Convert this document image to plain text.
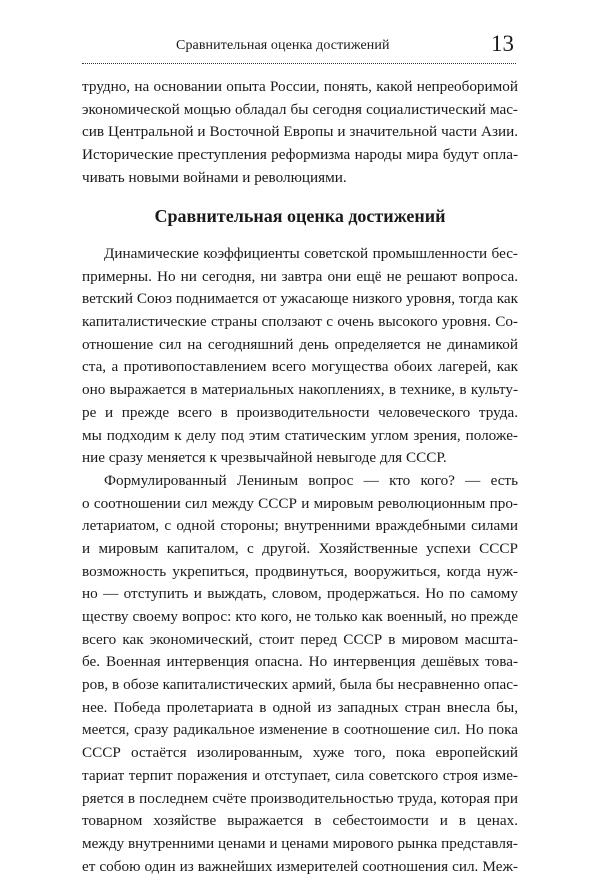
Сравнительная оценка достижений	13
трудно, на основании опыта России, понять, какой непреоборимой
экономической мощью обладал бы сегодня социалистический мас-
сив Центральной и Восточной Европы и значительной части Азии.
Исторические преступления реформизма народы мира будут опла-
чивать новыми войнами и революциями.
Сравнительная оценка достижений
Динамические коэффициенты советской промышленности бес-
примерны. Но ни сегодня, ни завтра они ещё не решают вопроса.
ветский Союз поднимается от ужасающе низкого уровня, тогда как
капиталистические страны сползают с очень высокого уровня. Со-
отношение сил на сегодняшний день определяется не динамикой
ста, а противопоставлением всего могущества обоих лагерей, как
оно выражается в материальных накоплениях, в технике, в культу-
ре и прежде всего в производительности человеческого труда.
мы подходим к делу под этим статическим углом зрения, положе-
ние сразу меняется к чрезвычайной невыгоде для СССР.
Формулированный Лениным вопрос — кто кого? — есть
о соотношении сил между СССР и мировым революционным про-
летариатом, с одной стороны; внутренними враждебными силами
и мировым капиталом, с другой. Хозяйственные успехи СССР
возможность укрепиться, продвинуться, вооружиться, когда нуж-
но — отступить и выждать, словом, продержаться. Но по самому
ществу своему вопрос: кто кого, не только как военный, но прежде
всего как экономический, стоит перед СССР в мировом масшта-
бе. Военная интервенция опасна. Но интервенция дешёвых това-
ров, в обозе капиталистических армий, была бы несравненно опас-
нее. Победа пролетариата в одной из западных стран внесла бы,
меется, сразу радикальное изменение в соотношение сил. Но пока
СССР остаётся изолированным, хуже того, пока европейский
тариат терпит поражения и отступает, сила советского строя изме-
ряется в последнем счёте производительностью труда, которая при
товарном хозяйстве выражается в себестоимости и в ценах.
между внутренними ценами и ценами мирового рынка представля-
ет собою один из важнейших измерителей соотношения сил. Меж-
